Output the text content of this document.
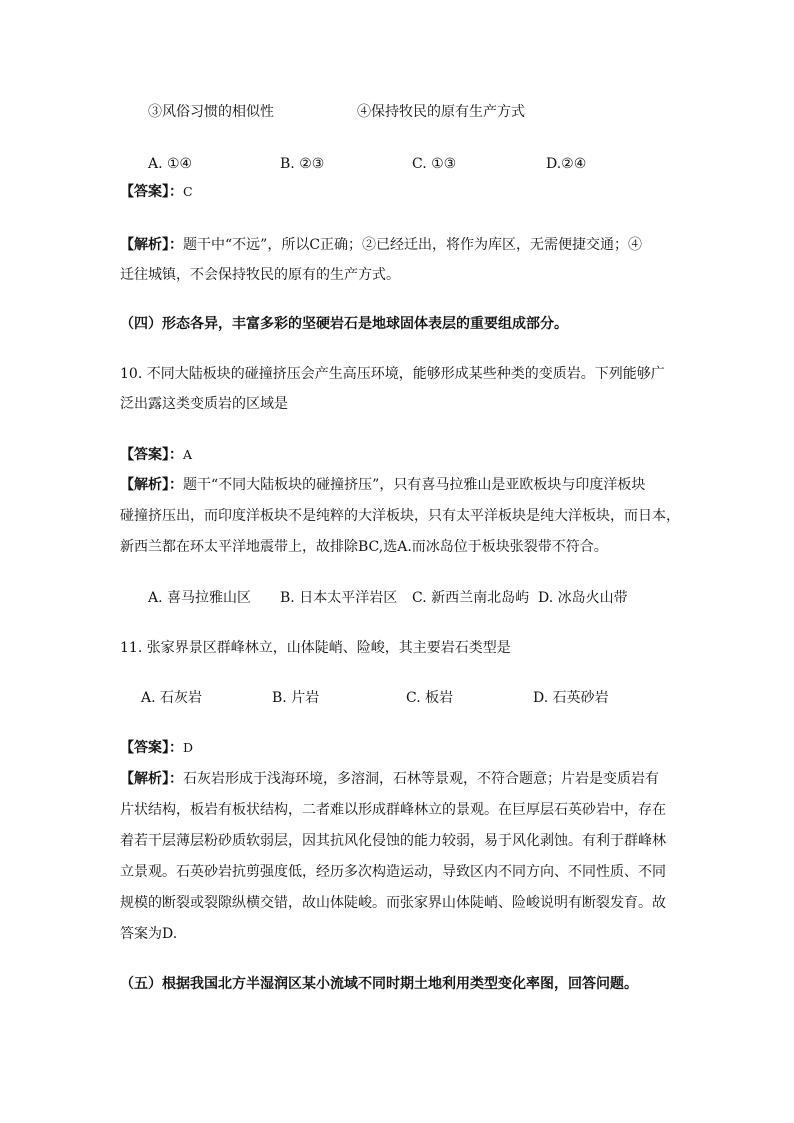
③风俗习惯的相似性	④保持牧民的原有生产方式
A. ①④	B. ②③	C. ①③	D.②④
【答案】：C
【解析】：题干中“不远”，所以C正确；②已经迁出，将作为库区，无需便捷交通；④
迁往城镇，不会保持牧民的原有的生产方式。
（四）形态各异，丰富多彩的坚硬岩石是地球固体表层的重要组成部分。
10. 不同大陆板块的碰撞挤压会产生高压环境，能够形成某些种类的变质岩。下列能够广
泛出露这类变质岩的区域是
【答案】：A
【解析】：题干“不同大陆板块的碰撞挤压”，只有喜马拉雅山是亚欧板块与印度洋板块
碰撞挤压出，而印度洋板块不是纯粹的大洋板块，只有太平洋板块是纯大洋板块，而日本，
新西兰都在环太平洋地震带上，故排除BC,选A.而冰岛位于板块张裂带不符合。
A. 喜马拉雅山区 B. 日本太平洋岩区 C. 新西兰南北岛屿 D. 冰岛火山带
11. 张家界景区群峰林立，山体陡峭、险峻，其主要岩石类型是
A. 石灰岩	B. 片岩	C. 板岩	D. 石英砂岩
【答案】：D
【解析】：石灰岩形成于浅海环境，多溶洞，石林等景观，不符合题意；片岩是变质岩有
片状结构，板岩有板状结构，二者难以形成群峰林立的景观。在巨厚层石英砂岩中，存在
着若干层薄层粉砂质软弱层，因其抗风化侵蚀的能力较弱，易于风化剥蚀。有利于群峰林
立景观。石英砂岩抗剪强度低，经历多次构造运动，导致区内不同方向、不同性质、不同
规模的断裂或裂隙纵横交错，故山体陡峻。而张家界山体陡峭、险峻说明有断裂发育。故
答案为D.
（五）根据我国北方半湿润区某小流域不同时期土地利用类型变化率图，回答问题。
